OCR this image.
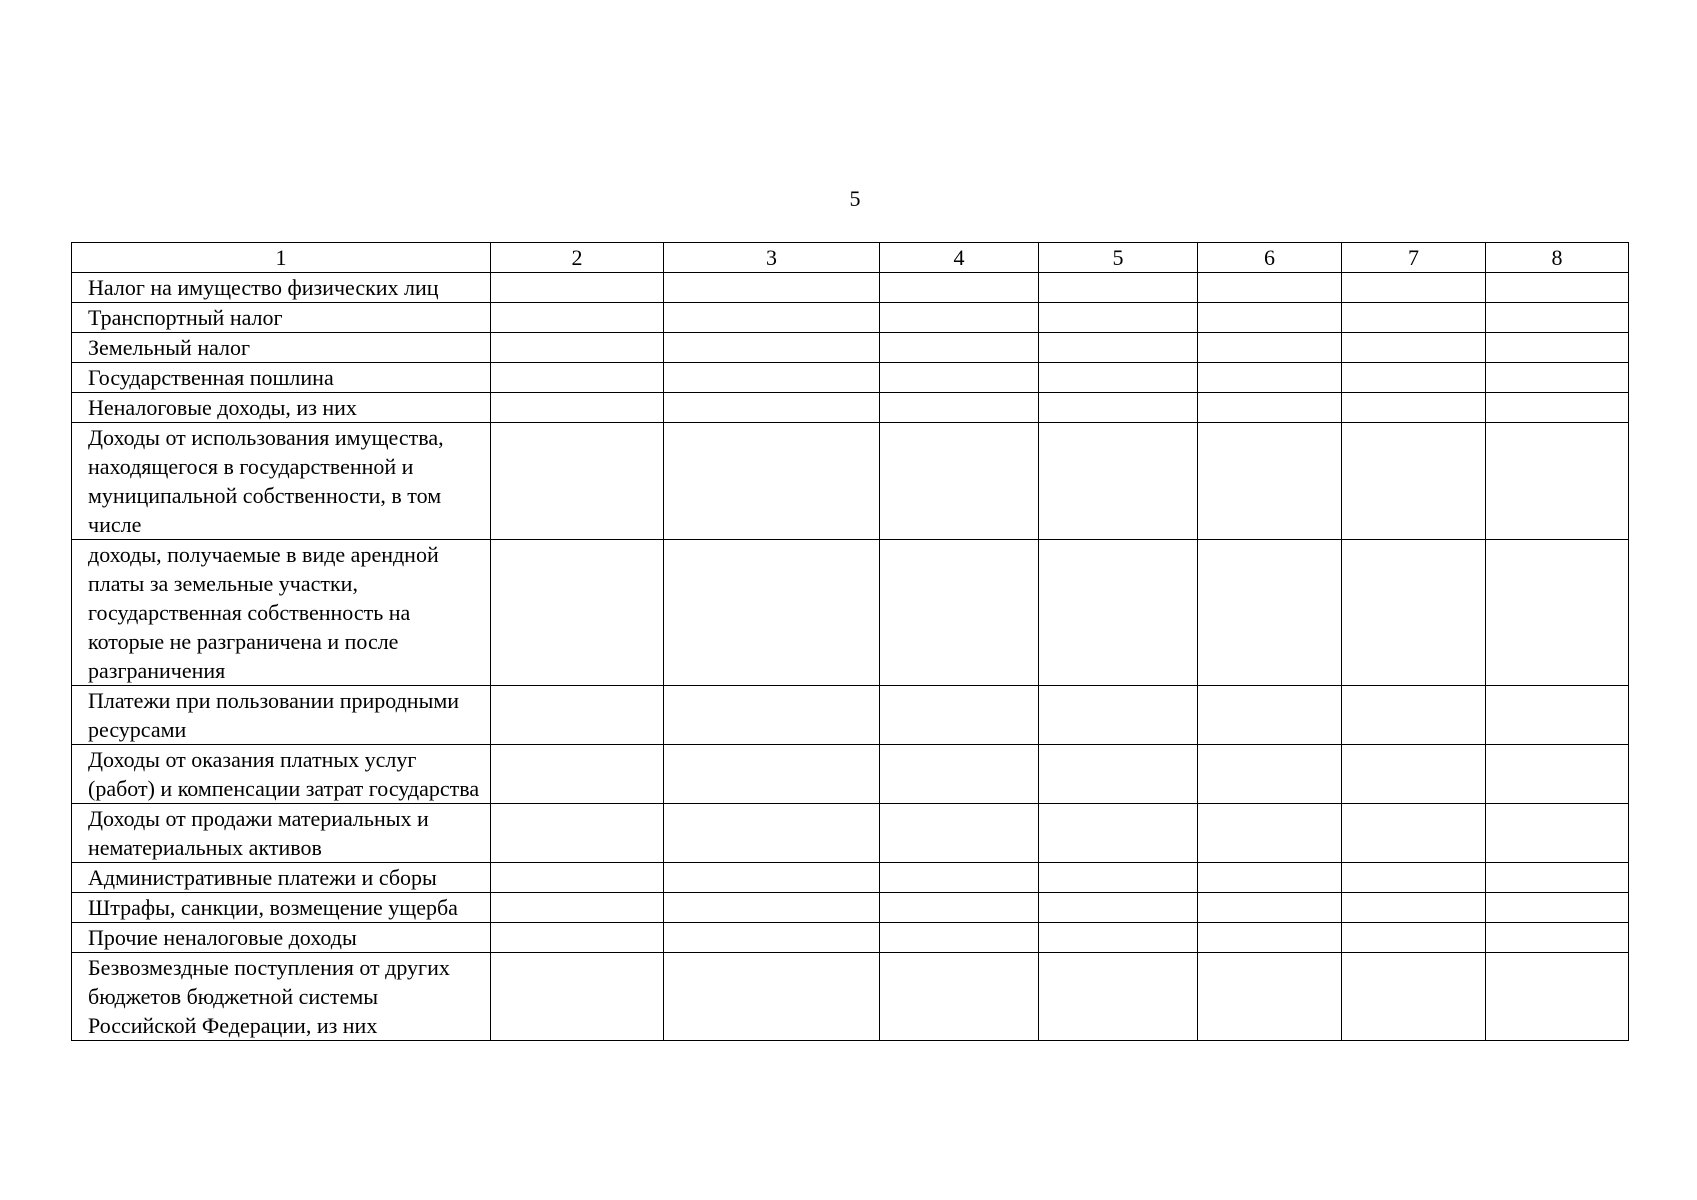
5
1	2	3	4	5	6	7	8
Налог на имущество физических лиц							
Транспортный налог							
Земельный налог							
Государственная пошлина							
Неналоговые доходы, из них							
Доходы от использования имущества, находящегося в государственной и муниципальной собственности, в том числе							
доходы, получаемые в виде арендной платы за земельные участки, государственная собственность на которые не разграничена и после разграничения							
Платежи при пользовании природными ресурсами							
Доходы от оказания платных услуг (работ) и компенсации затрат государства							
Доходы от продажи материальных и нематериальных активов							
Административные платежи и сборы							
Штрафы, санкции, возмещение ущерба							
Прочие неналоговые доходы							
Безвозмездные поступления от других бюджетов бюджетной системы Российской Федерации, из них							
